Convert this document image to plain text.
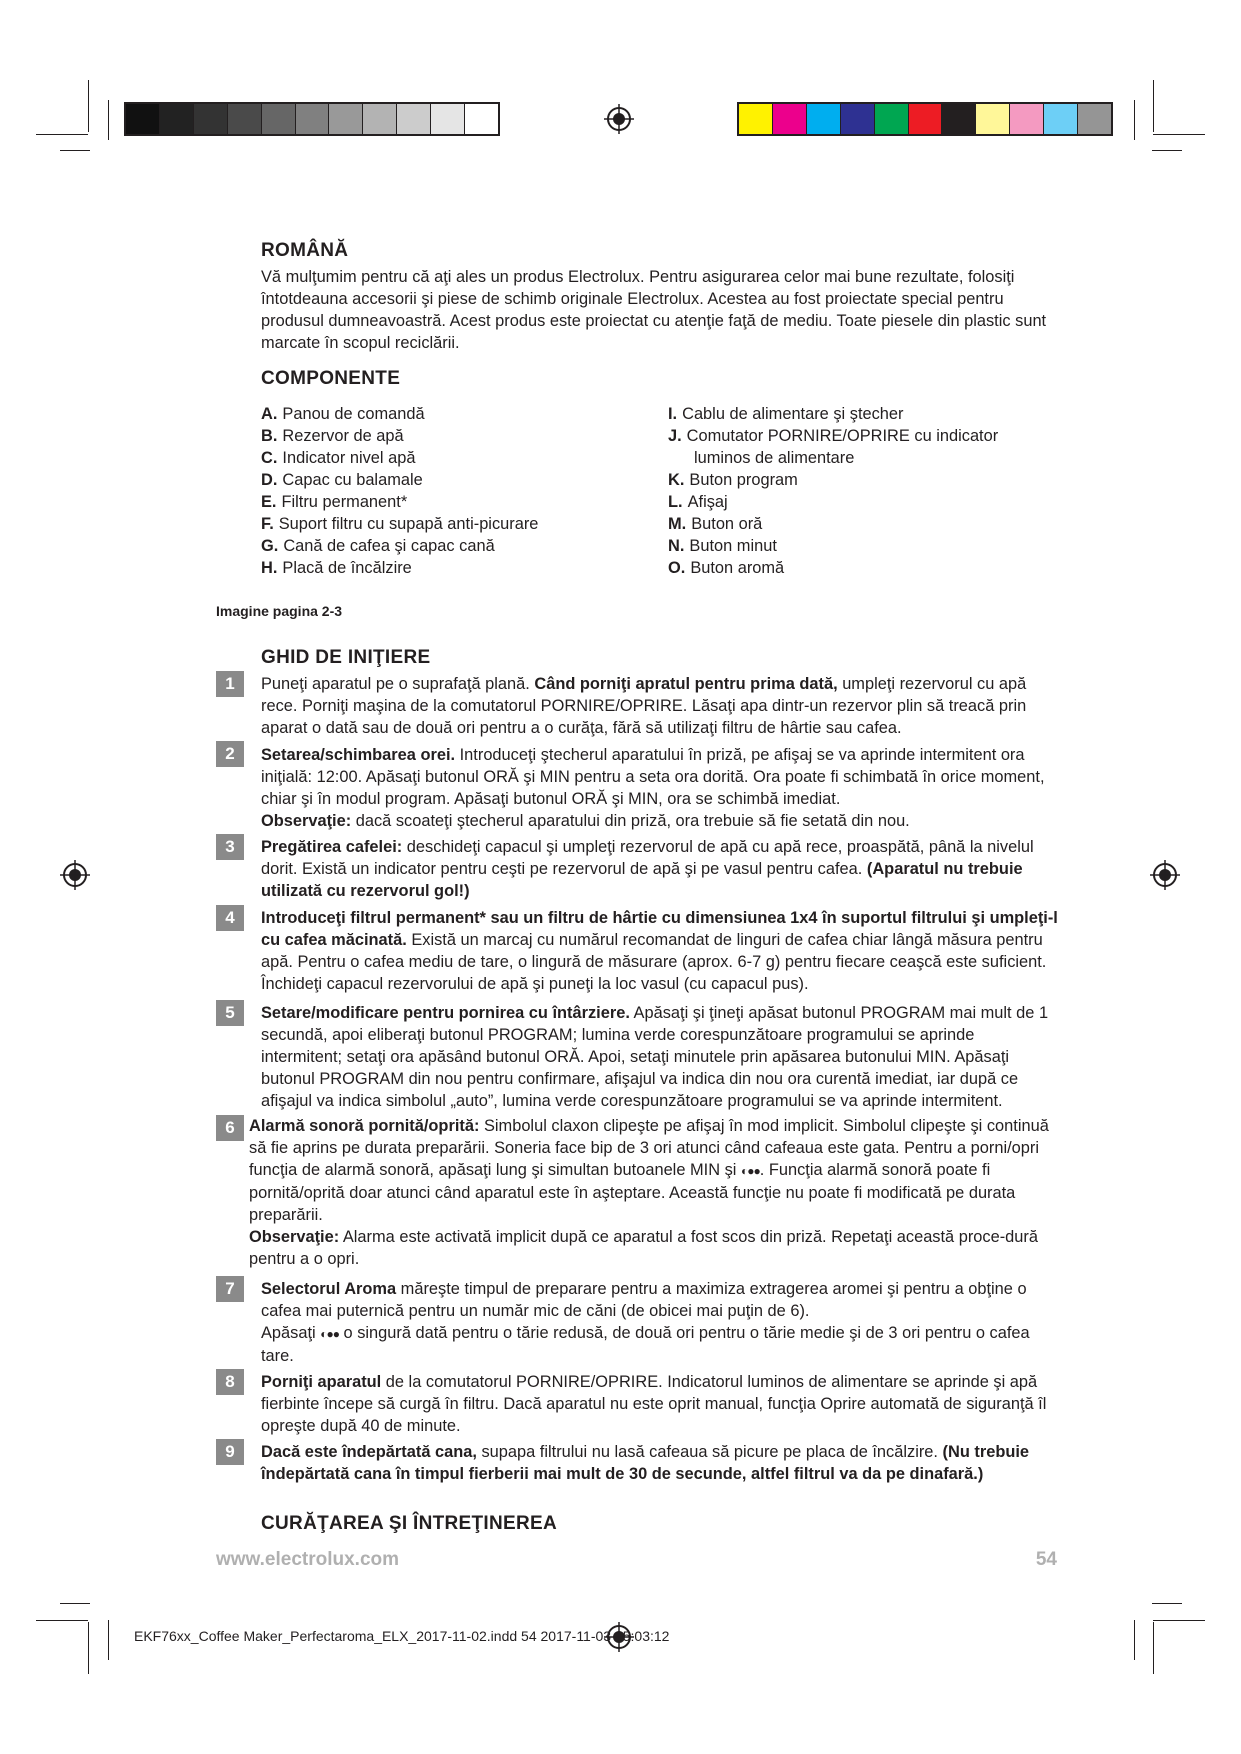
ROMÂNĂ
Vă mulţumim pentru că aţi ales un produs Electrolux. Pentru asigurarea celor mai bune rezultate, folosiţi întotdeauna accesorii şi piese de schimb originale Electrolux. Acestea au fost proiectate special pentru produsul dumneavoastră. Acest produs este proiectat cu atenţie faţă de mediu. Toate piesele din plastic sunt marcate în scopul reciclării.
COMPONENTE
A. Panou de comandă
B. Rezervor de apă
C. Indicator nivel apă
D. Capac cu balamale
E. Filtru permanent*
F. Suport filtru cu supapă anti-picurare
G. Cană de cafea şi capac cană
H. Placă de încălzire
I. Cablu de alimentare şi ştecher
J. Comutator PORNIRE/OPRIRE cu indicator
luminos de alimentare
K. Buton program
L. Afişaj
M. Buton oră
N. Buton minut
O. Buton aromă
Imagine pagina 2-3
GHID DE INIŢIERE
1	Puneţi aparatul pe o suprafaţă plană. Când porniţi apratul pentru prima dată, umpleţi rezervorul cu apă rece. Porniţi maşina de la comutatorul PORNIRE/OPRIRE. Lăsaţi apa dintr-un rezervor plin să treacă prin aparat o dată sau de două ori pentru a o curăţa, fără să utilizaţi filtru de hârtie sau cafea.
2	Setarea/schimbarea orei. Introduceţi ştecherul aparatului în priză, pe afişaj se va aprinde intermitent ora iniţială: 12:00. Apăsaţi butonul ORĂ şi MIN pentru a seta ora dorită. Ora poate fi schimbată în orice moment, chiar şi în modul program. Apăsaţi butonul ORĂ şi MIN, ora se schimbă imediat.
Observaţie: dacă scoateţi ştecherul aparatului din priză, ora trebuie să fie setată din nou.
3	Pregătirea cafelei: deschideţi capacul şi umpleţi rezervorul de apă cu apă rece, proaspătă, până la nivelul dorit. Există un indicator pentru ceşti pe rezervorul de apă şi pe vasul pentru cafea. (Aparatul nu trebuie utilizată cu rezervorul gol!)
4	Introduceţi filtrul permanent* sau un filtru de hârtie cu dimensiunea 1x4 în suportul filtrului şi umpleţi-l cu cafea măcinată. Există un marcaj cu numărul recomandat de linguri de cafea chiar lângă măsura pentru apă. Pentru o cafea mediu de tare, o lingură de măsurare (aprox. 6-7 g) pentru fiecare ceaşcă este suficient. Închideţi capacul rezervorului de apă şi puneţi la loc vasul (cu capacul pus).
5	Setare/modificare pentru pornirea cu întârziere. Apăsaţi şi ţineţi apăsat butonul PROGRAM mai mult de 1 secundă, apoi eliberaţi butonul PROGRAM; lumina verde corespunzătoare programului se aprinde intermitent; setaţi ora apăsând butonul ORĂ. Apoi, setaţi minutele prin apăsarea butonului MIN. Apăsaţi butonul PROGRAM din nou pentru confirmare, afişajul va indica din nou ora curentă imediat, iar după ce afişajul va indica simbolul „auto”, lumina verde corespunzătoare programului se va aprinde intermitent.
6 Alarmă sonoră pornită/oprită: Simbolul claxon clipeşte pe afişaj în mod implicit. Simbolul clipeşte şi continuă să fie aprins pe durata preparării. Soneria face bip de 3 ori atunci când cafeaua este gata. Pentru a porni/opri funcţia de alarmă sonoră, apăsaţi lung şi simultan butoanele MIN şi ◐●●. Funcţia alarmă sonoră poate fi pornită/oprită doar atunci când aparatul este în aşteptare. Această funcţie nu poate fi modificată pe durata preparării.
Observaţie: Alarma este activată implicit după ce aparatul a fost scos din priză. Repetaţi această proce-dură pentru a o opri.
7	Selectorul Aroma măreşte timpul de preparare pentru a maximiza extragerea aromei şi pentru a obţine o cafea mai puternică pentru un număr mic de căni (de obicei mai puţin de 6).
Apăsaţi ◐●● o singură dată pentru o tărie redusă, de două ori pentru o tărie medie şi de 3 ori pentru o cafea tare.
8	Porniţi aparatul de la comutatorul PORNIRE/OPRIRE. Indicatorul luminos de alimentare se aprinde şi apă fierbinte începe să curgă în filtru. Dacă aparatul nu este oprit manual, funcţia Oprire automată de siguranţă îl opreşte după 40 de minute.
9	Dacă este îndepărtată cana, supapa filtrului nu lasă cafeaua să picure pe placa de încălzire. (Nu trebuie îndepărtată cana în timpul fierberii mai mult de 30 de secunde, altfel filtrul va da pe dinafară.)
CURĂŢAREA ŞI ÎNTREŢINEREA
www.electrolux.com	54
EKF76xx_Coffee Maker_Perfectaroma_ELX_2017-11-02.indd 54 2017-11-03 15:03:12
